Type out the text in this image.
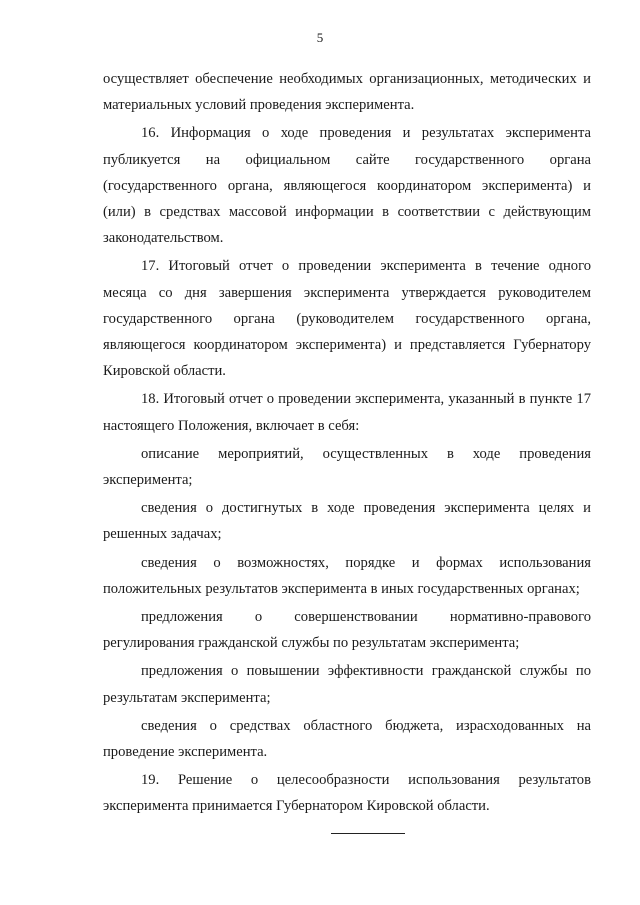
5

осуществляет обеспечение необходимых организационных, методических и материальных условий проведения эксперимента.

16. Информация о ходе проведения и результатах эксперимента публикуется на официальном сайте государственного органа (государственного органа, являющегося координатором эксперимента) и (или) в средствах массовой информации в соответствии с действующим законодательством.

17. Итоговый отчет о проведении эксперимента в течение одного месяца со дня завершения эксперимента утверждается руководителем государственного органа (руководителем государственного органа, являющегося координатором эксперимента) и представляется Губернатору Кировской области.

18. Итоговый отчет о проведении эксперимента, указанный в пункте 17 настоящего Положения, включает в себя:

описание мероприятий, осуществленных в ходе проведения эксперимента;

сведения о достигнутых в ходе проведения эксперимента целях и решенных задачах;

сведения о возможностях, порядке и формах использования положительных результатов эксперимента в иных государственных органах;

предложения о совершенствовании нормативно-правового регулирования гражданской службы по результатам эксперимента;

предложения о повышении эффективности гражданской службы по результатам эксперимента;

сведения о средствах областного бюджета, израсходованных на проведение эксперимента.

19. Решение о целесообразности использования результатов эксперимента принимается Губернатором Кировской области.
